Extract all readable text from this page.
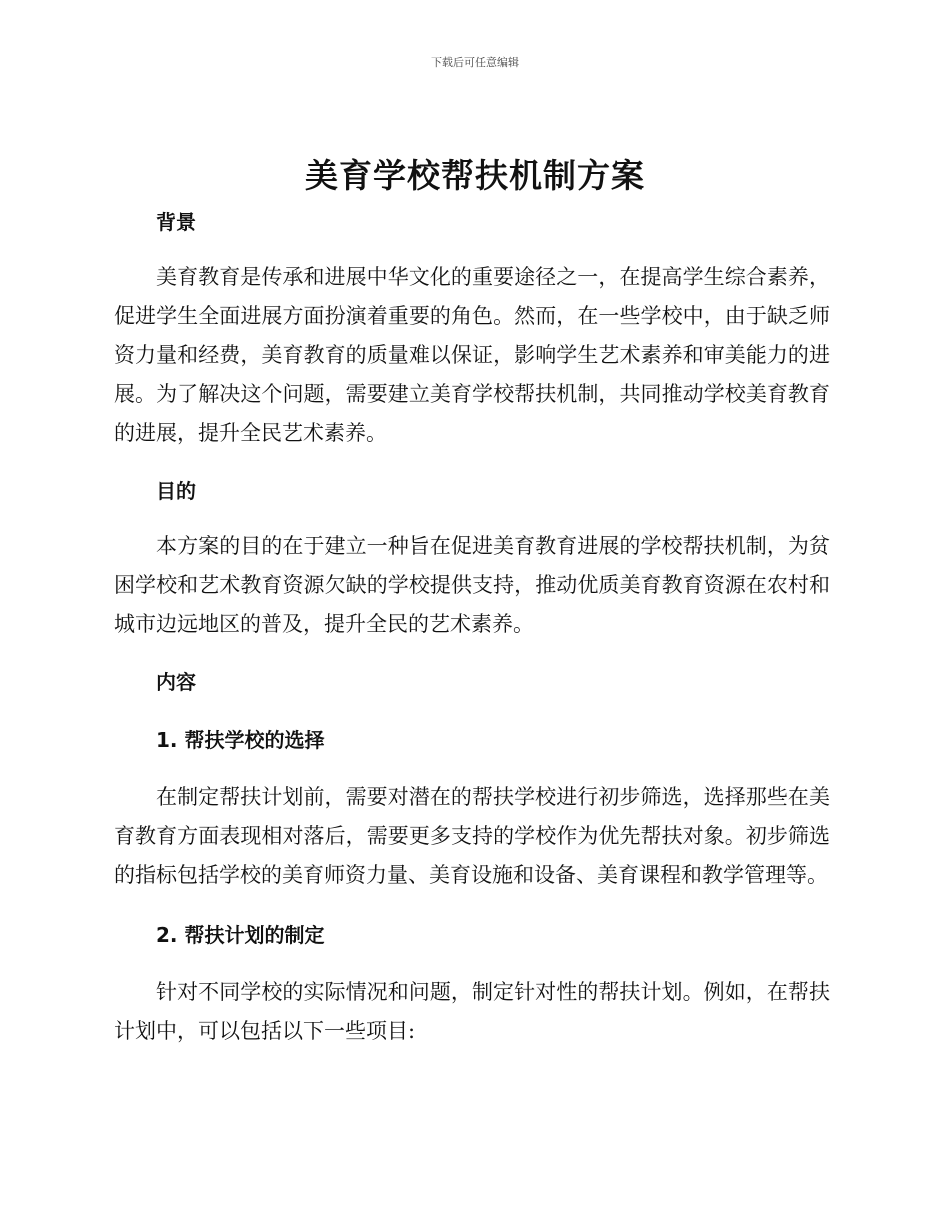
下载后可任意编辑
美育学校帮扶机制方案
背景

美育教育是传承和进展中华文化的重要途径之一，在提高学生综合素养，促进学生全面进展方面扮演着重要的角色。然而，在一些学校中，由于缺乏师资力量和经费，美育教育的质量难以保证，影响学生艺术素养和审美能力的进展。为了解决这个问题，需要建立美育学校帮扶机制，共同推动学校美育教育的进展，提升全民艺术素养。

目的

本方案的目的在于建立一种旨在促进美育教育进展的学校帮扶机制，为贫困学校和艺术教育资源欠缺的学校提供支持，推动优质美育教育资源在农村和城市边远地区的普及，提升全民的艺术素养。

内容
1. 帮扶学校的选择

在制定帮扶计划前，需要对潜在的帮扶学校进行初步筛选，选择那些在美育教育方面表现相对落后，需要更多支持的学校作为优先帮扶对象。初步筛选的指标包括学校的美育师资力量、美育设施和设备、美育课程和教学管理等。

2. 帮扶计划的制定

针对不同学校的实际情况和问题，制定针对性的帮扶计划。例如，在帮扶计划中，可以包括以下一些项目:
